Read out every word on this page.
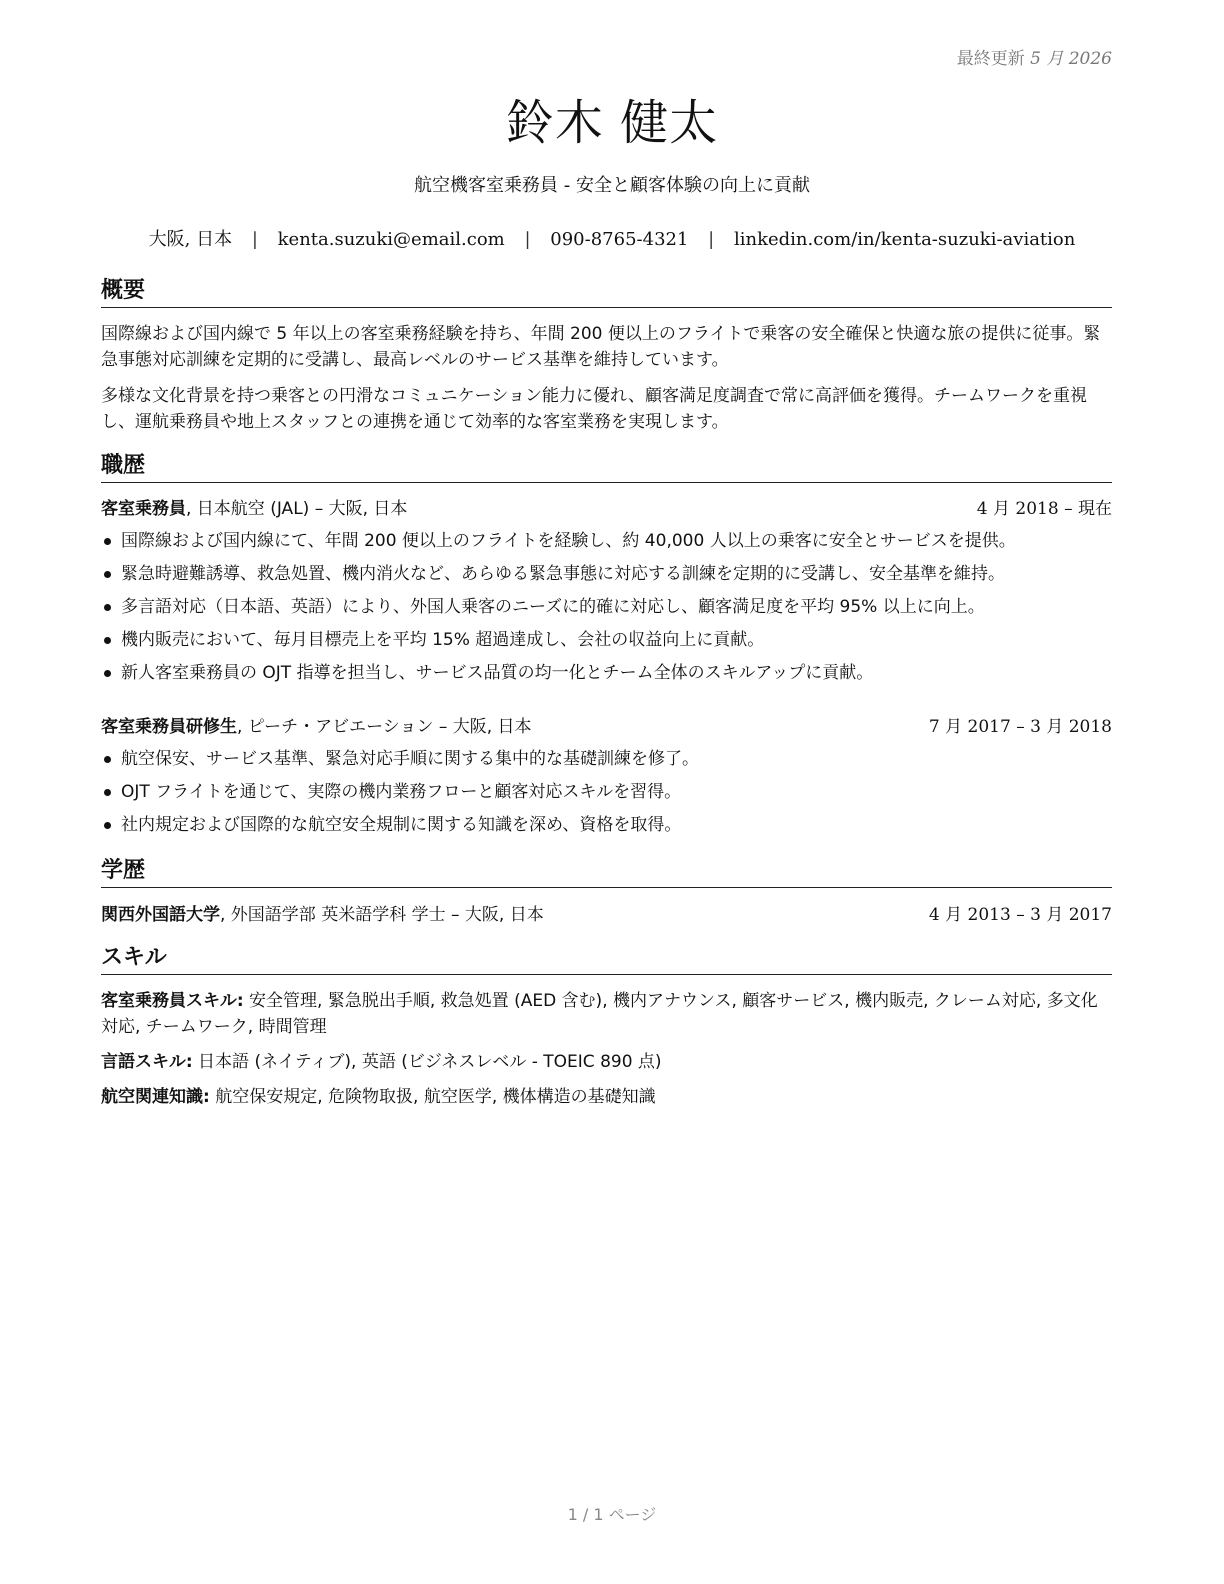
最終更新 5 月 2026
鈴木 健太
航空機客室乗務員 - 安全と顧客体験の向上に貢献
大阪, 日本 | kenta.suzuki@email.com | 090-8765-4321 | linkedin.com/in/kenta-suzuki-aviation
概要

国際線および国内線で 5 年以上の客室乗務経験を持ち、年間 200 便以上のフライトで乗客の安全確保と快適な旅の提供に従事。緊急事態対応訓練を定期的に受講し、最高レベルのサービス基準を維持しています。

多様な文化背景を持つ乗客との円滑なコミュニケーション能力に優れ、顧客満足度調査で常に高評価を獲得。チームワークを重視し、運航乗務員や地上スタッフとの連携を通じて効率的な客室業務を実現します。

職歴
客室乗務員, 日本航空 (JAL) – 大阪, 日本	4 月 2018 – 現在
国際線および国内線にて、年間 200 便以上のフライトを経験し、約 40,000 人以上の乗客に安全とサービスを提供。
緊急時避難誘導、救急処置、機内消火など、あらゆる緊急事態に対応する訓練を定期的に受講し、安全基準を維持。
多言語対応（日本語、英語）により、外国人乗客のニーズに的確に対応し、顧客満足度を平均 95% 以上に向上。
機内販売において、毎月目標売上を平均 15% 超過達成し、会社の収益向上に貢献。
新人客室乗務員の OJT 指導を担当し、サービス品質の均一化とチーム全体のスキルアップに貢献。
客室乗務員研修生, ピーチ・アビエーション – 大阪, 日本	7 月 2017 – 3 月 2018
航空保安、サービス基準、緊急対応手順に関する集中的な基礎訓練を修了。
OJT フライトを通じて、実際の機内業務フローと顧客対応スキルを習得。
社内規定および国際的な航空安全規制に関する知識を深め、資格を取得。
学歴
関西外国語大学, 外国語学部 英米語学科 学士 – 大阪, 日本	4 月 2013 – 3 月 2017
スキル
客室乗務員スキル: 安全管理, 緊急脱出手順, 救急処置 (AED 含む), 機内アナウンス, 顧客サービス, 機内販売, クレーム対応, 多文化対応, チームワーク, 時間管理
言語スキル: 日本語 (ネイティブ), 英語 (ビジネスレベル - TOEIC 890 点)
航空関連知識: 航空保安規定, 危険物取扱, 航空医学, 機体構造の基礎知識
1 / 1 ページ
